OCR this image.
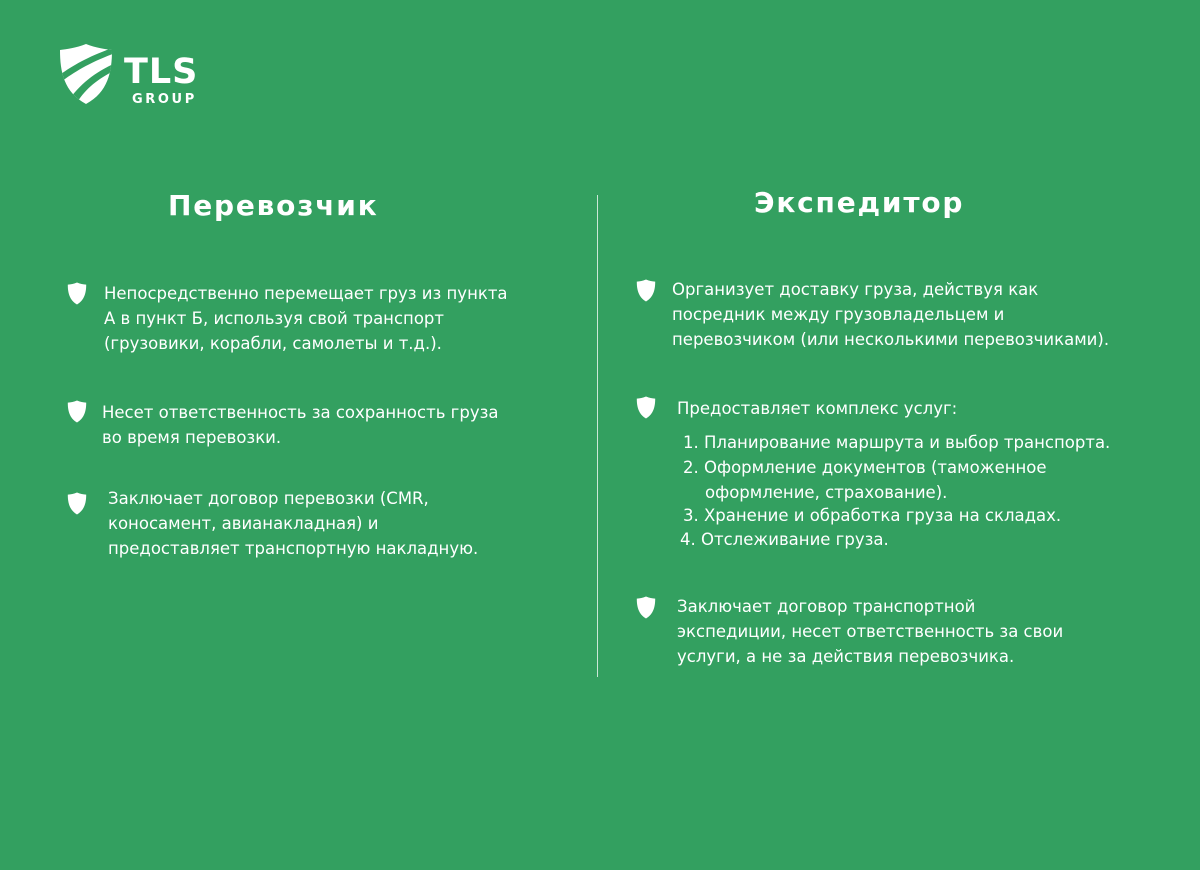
TLS
GROUP
Перевозчик	Экспедитор
Непосредственно перемещает груз из пункта
А в пункт Б, используя свой транспорт
(грузовики, корабли, самолеты и т.д.).
Несет ответственность за сохранность груза
во время перевозки.
Заключает договор перевозки (CMR,
коносамент, авианакладная) и
предоставляет транспортную накладную.
Организует доставку груза, действуя как
посредник между грузовладельцем и
перевозчиком (или несколькими перевозчиками).
Предоставляет комплекс услуг:
1. Планирование маршрута и выбор транспорта.
2. Оформление документов (таможенное
оформление, страхование).
3. Хранение и обработка груза на складах.
4. Отслеживание груза.
Заключает договор транспортной
экспедиции, несет ответственность за свои
услуги, а не за действия перевозчика.
